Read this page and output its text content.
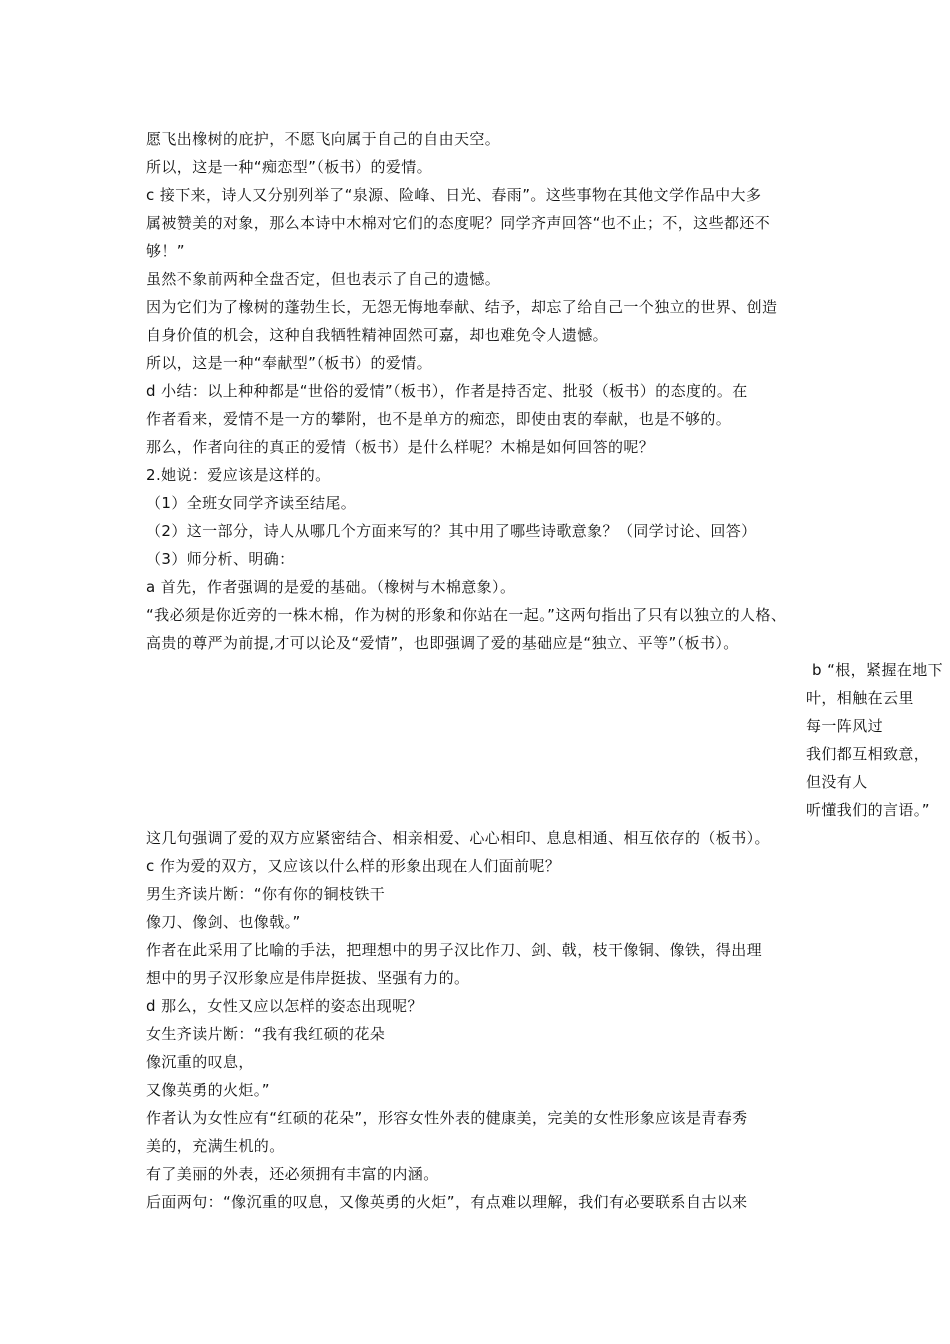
愿飞出橡树的庇护，不愿飞向属于自己的自由天空。
所以，这是一种“痴恋型”（板书）的爱情。
c 接下来，诗人又分别列举了“泉源、险峰、日光、春雨”。这些事物在其他文学作品中大多
属被赞美的对象，那么本诗中木棉对它们的态度呢？同学齐声回答“也不止；不，这些都还不
够！”
虽然不象前两种全盘否定，但也表示了自己的遗憾。
因为它们为了橡树的蓬勃生长，无怨无悔地奉献、结予，却忘了给自己一个独立的世界、创造
自身价值的机会，这种自我牺牲精神固然可嘉，却也难免令人遗憾。
所以，这是一种“奉献型”（板书）的爱情。
d 小结：以上种种都是“世俗的爱情”（板书），作者是持否定、批驳（板书）的态度的。在
作者看来，爱情不是一方的攀附，也不是单方的痴恋，即使由衷的奉献，也是不够的。
那么，作者向往的真正的爱情（板书）是什么样呢？木棉是如何回答的呢？
2.她说：爱应该是这样的。
（1）全班女同学齐读至结尾。
（2）这一部分，诗人从哪几个方面来写的？其中用了哪些诗歌意象？（同学讨论、回答）
（3）师分析、明确：
a 首先，作者强调的是爱的基础。（橡树与木棉意象）。
“我必须是你近旁的一株木棉，作为树的形象和你站在一起。”这两句指出了只有以独立的人格、
高贵的尊严为前提,才可以论及“爱情”，也即强调了爱的基础应是“独立、平等”（板书）。
b “根，紧握在地下
叶，相触在云里
每一阵风过
我们都互相致意，
但没有人
听懂我们的言语。”
这几句强调了爱的双方应紧密结合、相亲相爱、心心相印、息息相通、相互依存的（板书）。
c 作为爱的双方，又应该以什么样的形象出现在人们面前呢？
男生齐读片断：“你有你的铜枝铁干
像刀、像剑、也像戟。”
作者在此采用了比喻的手法，把理想中的男子汉比作刀、剑、戟，枝干像铜、像铁，得出理
想中的男子汉形象应是伟岸挺拔、坚强有力的。
d 那么，女性又应以怎样的姿态出现呢？
女生齐读片断：“我有我红硕的花朵
像沉重的叹息，
又像英勇的火炬。”
作者认为女性应有“红硕的花朵”，形容女性外表的健康美，完美的女性形象应该是青春秀
美的，充满生机的。
有了美丽的外表，还必须拥有丰富的内涵。
后面两句：“像沉重的叹息，又像英勇的火炬”，有点难以理解，我们有必要联系自古以来
